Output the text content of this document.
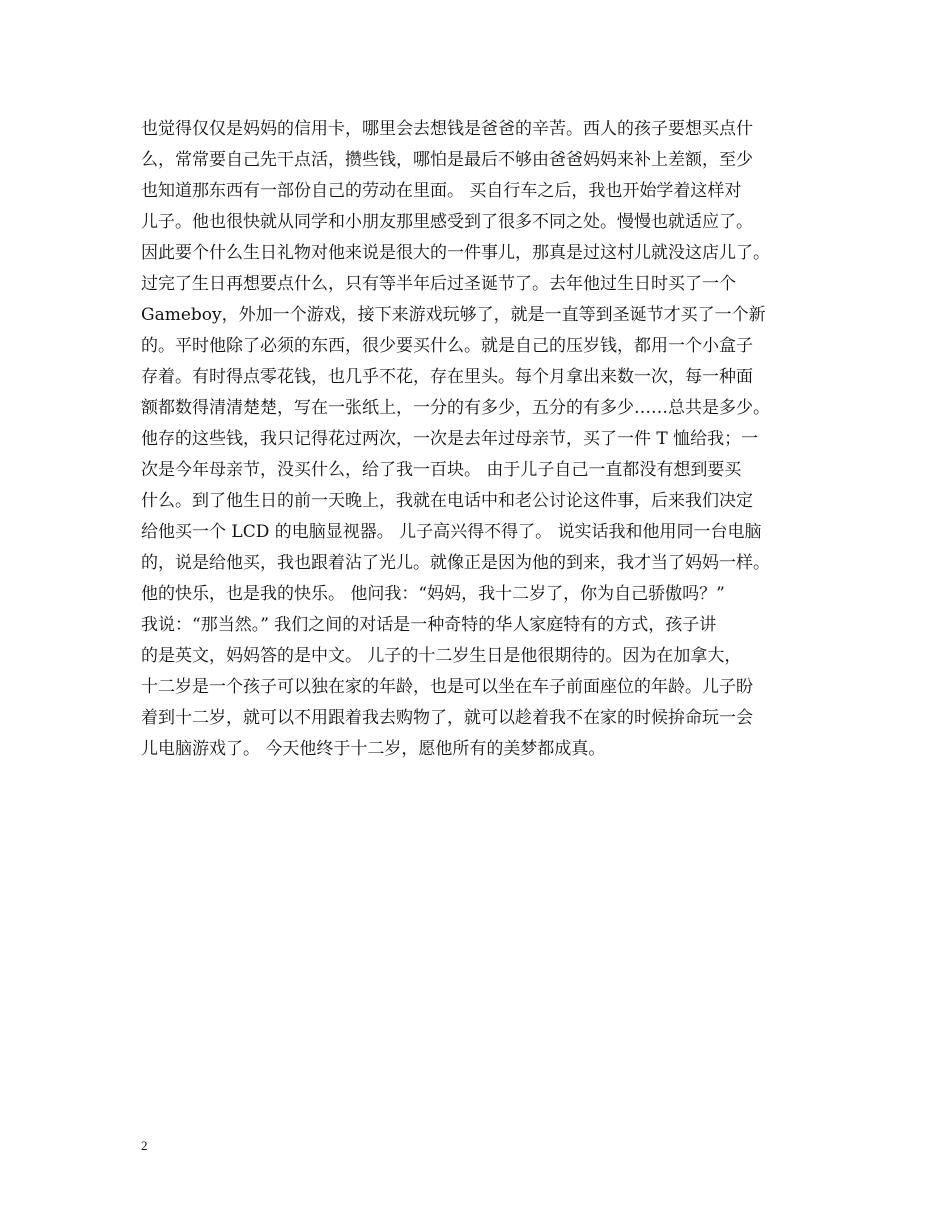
也觉得仅仅是妈妈的信用卡，哪里会去想钱是爸爸的辛苦。西人的孩子要想买点什
么，常常要自己先干点活，攒些钱，哪怕是最后不够由爸爸妈妈来补上差额，至少
也知道那东西有一部份自己的劳动在里面。 买自行车之后，我也开始学着这样对
儿子。他也很快就从同学和小朋友那里感受到了很多不同之处。慢慢也就适应了。
因此要个什么生日礼物对他来说是很大的一件事儿，那真是过这村儿就没这店儿了。
过完了生日再想要点什么，只有等半年后过圣诞节了。去年他过生日时买了一个
Gameboy，外加一个游戏，接下来游戏玩够了，就是一直等到圣诞节才买了一个新
的。平时他除了必须的东西，很少要买什么。就是自己的压岁钱，都用一个小盒子
存着。有时得点零花钱，也几乎不花，存在里头。每个月拿出来数一次，每一种面
额都数得清清楚楚，写在一张纸上，一分的有多少，五分的有多少……总共是多少。
他存的这些钱，我只记得花过两次，一次是去年过母亲节，买了一件 T 恤给我；一
次是今年母亲节，没买什么，给了我一百块。 由于儿子自己一直都没有想到要买
什么。到了他生日的前一天晚上，我就在电话中和老公讨论这件事，后来我们决定
给他买一个 LCD 的电脑显视器。 儿子高兴得不得了。 说实话我和他用同一台电脑
的，说是给他买，我也跟着沾了光儿。就像正是因为他的到来，我才当了妈妈一样。
他的快乐，也是我的快乐。 他问我：“妈妈，我十二岁了，你为自己骄傲吗？”
我说：“那当然。” 我们之间的对话是一种奇特的华人家庭特有的方式，孩子讲
的是英文，妈妈答的是中文。 儿子的十二岁生日是他很期待的。因为在加拿大，
十二岁是一个孩子可以独在家的年龄，也是可以坐在车子前面座位的年龄。儿子盼
着到十二岁，就可以不用跟着我去购物了，就可以趁着我不在家的时候拚命玩一会
儿电脑游戏了。 今天他终于十二岁，愿他所有的美梦都成真。
2
